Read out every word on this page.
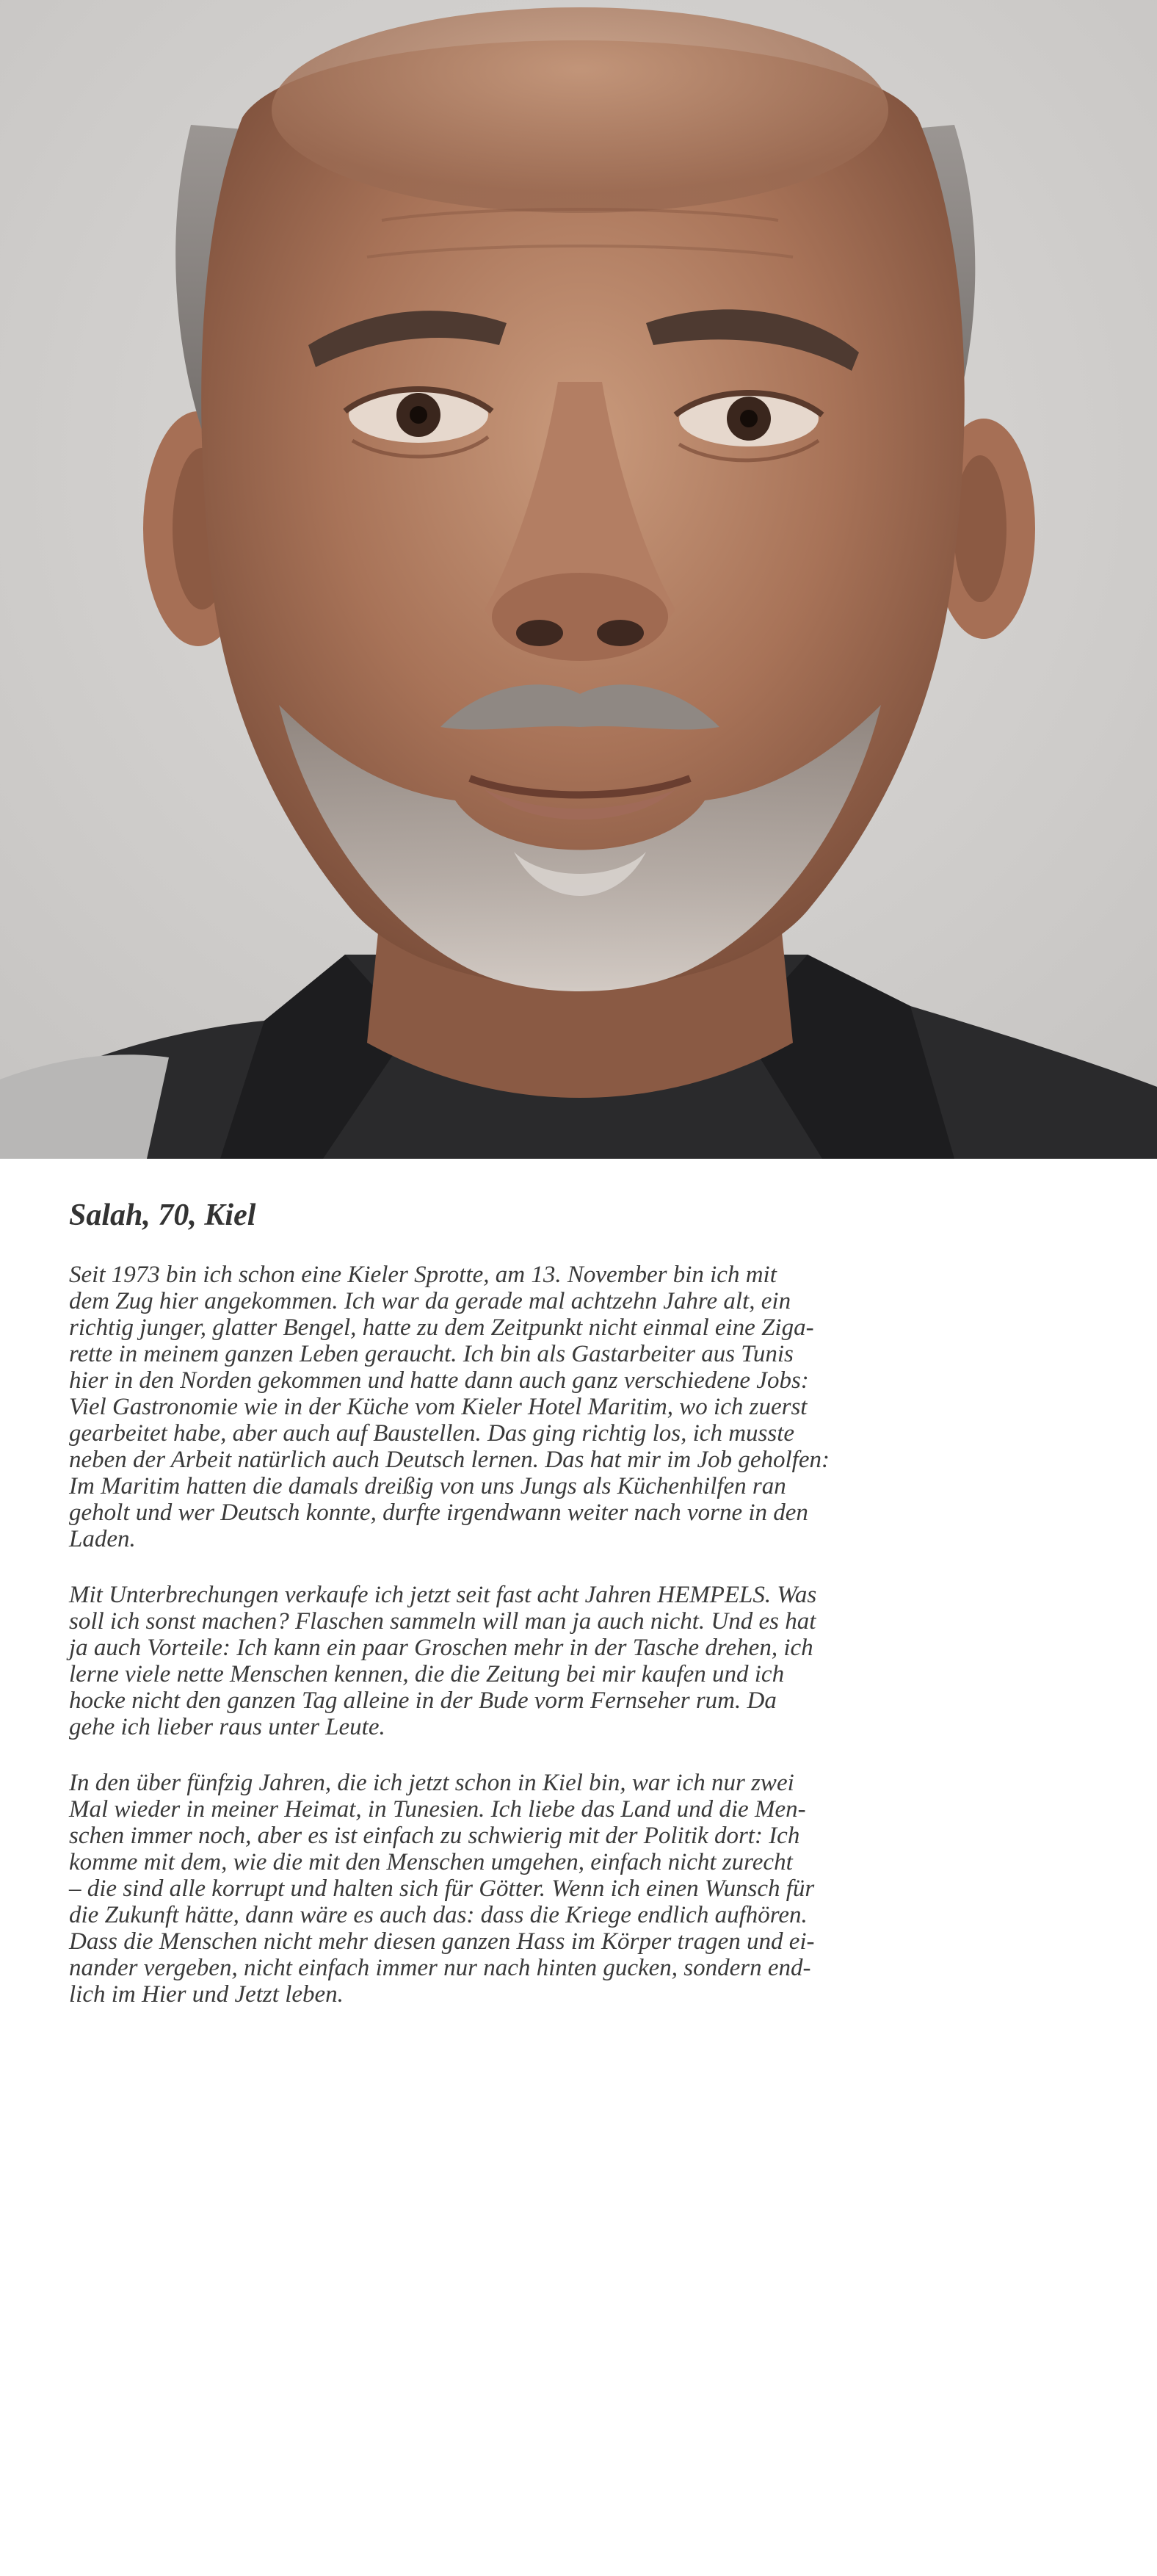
Salah, 70, Kiel

Seit 1973 bin ich schon eine Kieler Sprotte, am 13. November bin ich mit
dem Zug hier angekommen. Ich war da gerade mal achtzehn Jahre alt, ein
richtig junger, glatter Bengel, hatte zu dem Zeitpunkt nicht einmal eine Ziga-
rette in meinem ganzen Leben geraucht. Ich bin als Gastarbeiter aus Tunis
hier in den Norden gekommen und hatte dann auch ganz verschiedene Jobs:
Viel Gastronomie wie in der Küche vom Kieler Hotel Maritim, wo ich zuerst
gearbeitet habe, aber auch auf Baustellen. Das ging richtig los, ich musste
neben der Arbeit natürlich auch Deutsch lernen. Das hat mir im Job geholfen:
Im Maritim hatten die damals dreißig von uns Jungs als Küchenhilfen ran
geholt und wer Deutsch konnte, durfte irgendwann weiter nach vorne in den
Laden.

Mit Unterbrechungen verkaufe ich jetzt seit fast acht Jahren HEMPELS. Was
soll ich sonst machen? Flaschen sammeln will man ja auch nicht. Und es hat
ja auch Vorteile: Ich kann ein paar Groschen mehr in der Tasche drehen, ich
lerne viele nette Menschen kennen, die die Zeitung bei mir kaufen und ich
hocke nicht den ganzen Tag alleine in der Bude vorm Fernseher rum. Da
gehe ich lieber raus unter Leute.

In den über fünfzig Jahren, die ich jetzt schon in Kiel bin, war ich nur zwei
Mal wieder in meiner Heimat, in Tunesien. Ich liebe das Land und die Men-
schen immer noch, aber es ist einfach zu schwierig mit der Politik dort: Ich
komme mit dem, wie die mit den Menschen umgehen, einfach nicht zurecht
– die sind alle korrupt und halten sich für Götter. Wenn ich einen Wunsch für
die Zukunft hätte, dann wäre es auch das: dass die Kriege endlich aufhören.
Dass die Menschen nicht mehr diesen ganzen Hass im Körper tragen und ei-
nander vergeben, nicht einfach immer nur nach hinten gucken, sondern end-
lich im Hier und Jetzt leben.
